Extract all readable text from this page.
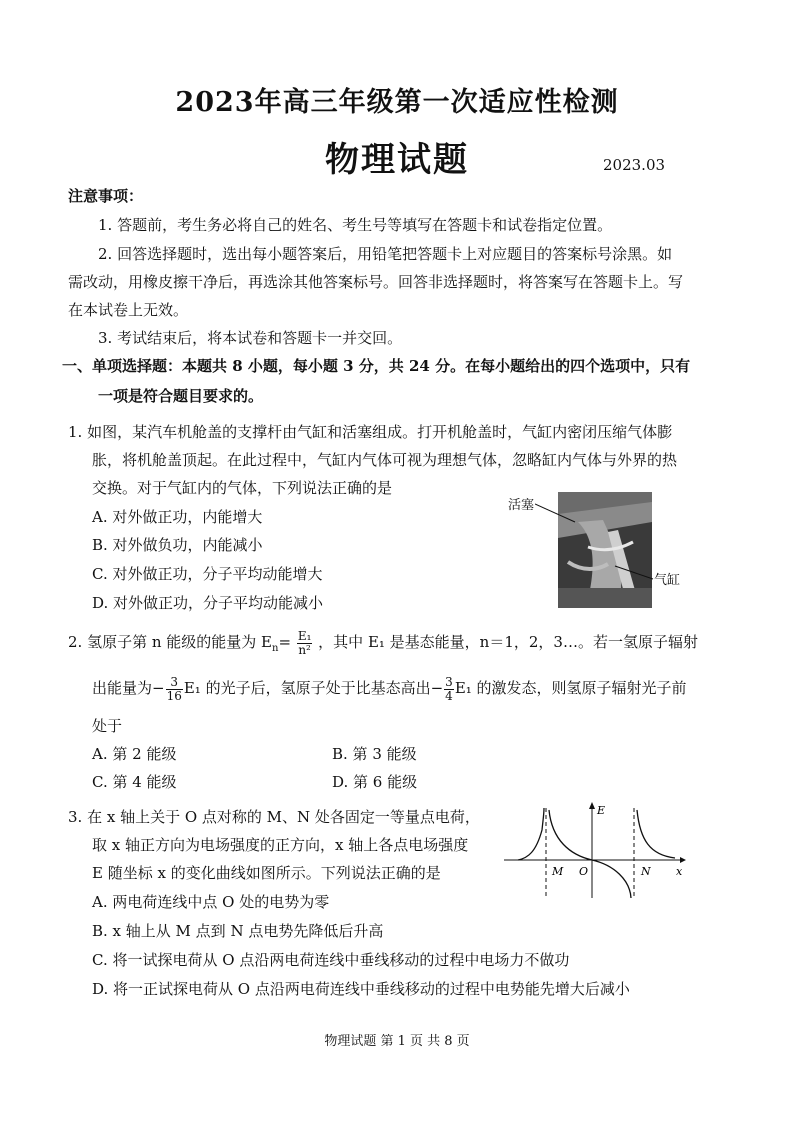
2023年高三年级第一次适应性检测
物理试题	2023.03
注意事项：
1. 答题前，考生务必将自己的姓名、考生号等填写在答题卡和试卷指定位置。
2. 回答选择题时，选出每小题答案后，用铅笔把答题卡上对应题目的答案标号涂黑。如
需改动，用橡皮擦干净后，再选涂其他答案标号。回答非选择题时，将答案写在答题卡上。写
在本试卷上无效。
3. 考试结束后，将本试卷和答题卡一并交回。
一、单项选择题：本题共 8 小题，每小题 3 分，共 24 分。在每小题给出的四个选项中，只有
一项是符合题目要求的。
1. 如图，某汽车机舱盖的支撑杆由气缸和活塞组成。打开机舱盖时，气缸内密闭压缩气体膨
胀，将机舱盖顶起。在此过程中，气缸内气体可视为理想气体，忽略缸内气体与外界的热
交换。对于气缸内的气体，下列说法正确的是
A. 对外做正功，内能增大
B. 对外做负功，内能减小
C. 对外做正功，分子平均动能增大
D. 对外做正功，分子平均动能减小
活塞
气缸
2. 氢原子第 n 能级的能量为 $E_n= \frac{\text{E₁}}{\text{n²}}$ ，其中 E₁ 是基态能量，n＝1，2，3…。若一氢原子辐射
出能量为− $\frac{3}{16} E_1$ 的光子后，氢原子处于比基态高出− $\frac{3}{4} E_1$ 的激发态，则氢原子辐射光子前
处于
A. 第 2 能级	B. 第 3 能级
C. 第 4 能级	D. 第 6 能级
3. 在 x 轴上关于 O 点对称的 M、N 处各固定一等量点电荷，
取 x 轴正方向为电场强度的正方向，x 轴上各点电场强度
E 随坐标 x 的变化曲线如图所示。下列说法正确的是
A. 两电荷连线中点 O 处的电势为零
B. x 轴上从 M 点到 N 点电势先降低后升高
C. 将一试探电荷从 O 点沿两电荷连线中垂线移动的过程中电场力不做功
D. 将一正试探电荷从 O 点沿两电荷连线中垂线移动的过程中电势能先增大后减小
E
M O	N x
物理试题 第 1 页 共 8 页
